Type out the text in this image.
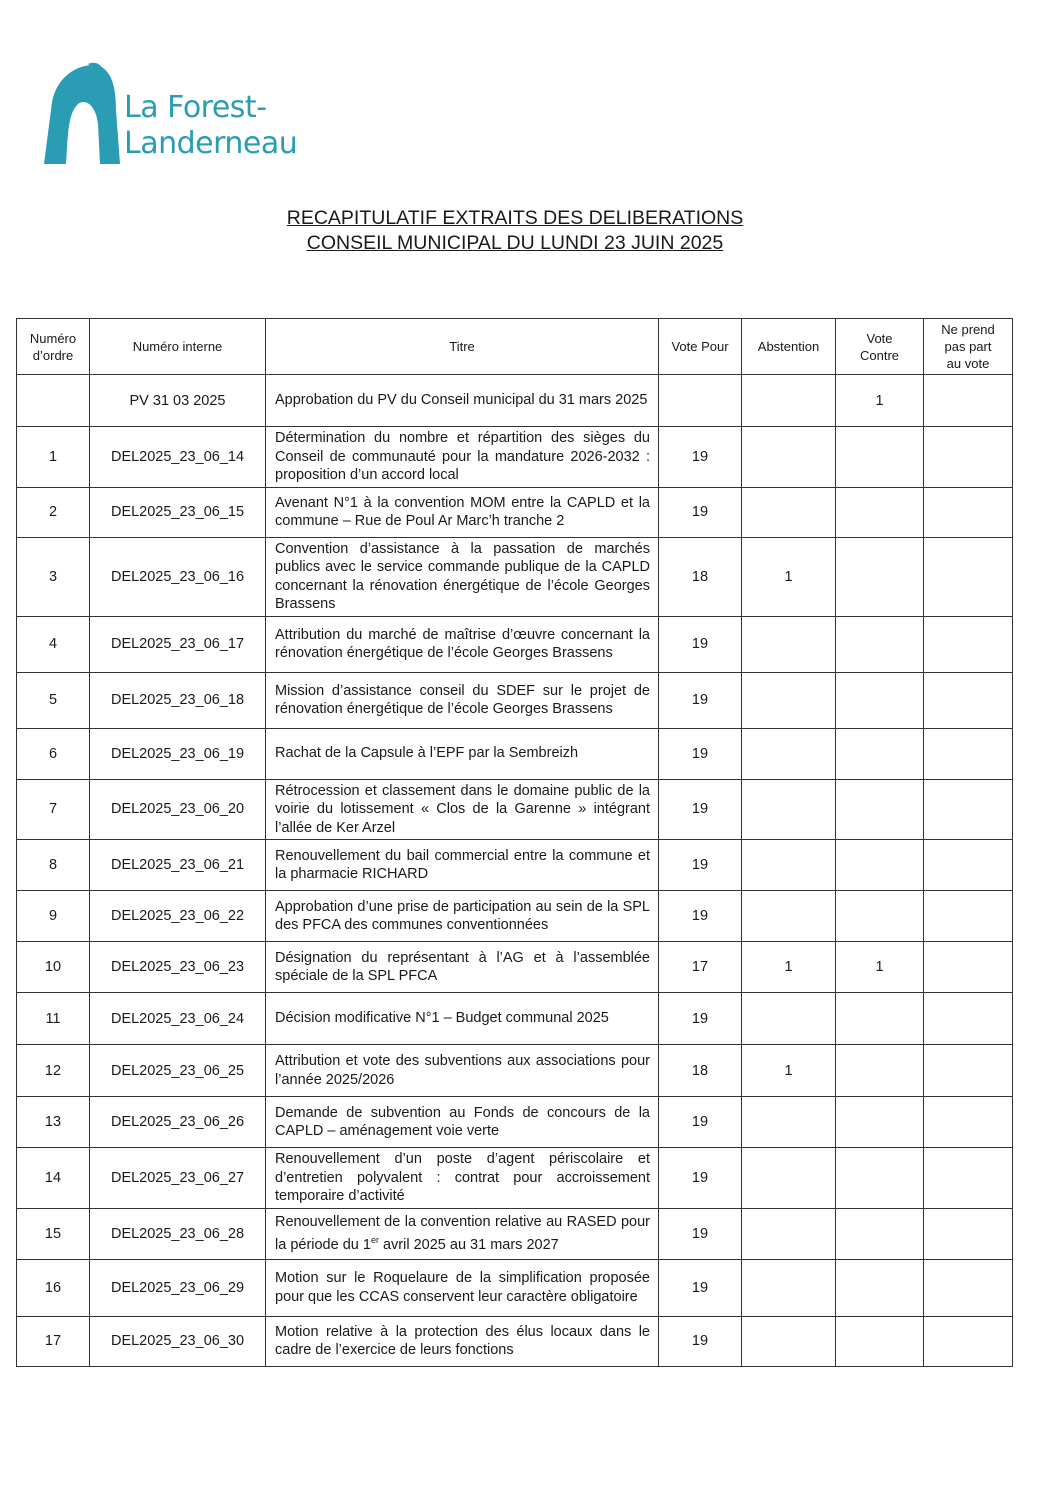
La Forest-
Landerneau
RECAPITULATIF EXTRAITS DES DELIBERATIONS
CONSEIL MUNICIPAL DU LUNDI 23 JUIN 2025
Numéro d’ordre	Numéro interne	Titre	Vote Pour	Abstention	Vote Contre	Ne prend pas part au vote
	PV 31 03 2025	Approbation du PV du Conseil municipal du 31 mars 2025			1	
1	DEL2025_23_06_14	Détermination du nombre et répartition des sièges du Conseil de communauté pour la mandature 2026-2032 : proposition d’un accord local	19			
2	DEL2025_23_06_15	Avenant N°1 à la convention MOM entre la CAPLD et la commune – Rue de Poul Ar Marc’h tranche 2	19			
3	DEL2025_23_06_16	Convention d’assistance à la passation de marchés publics avec le service commande publique de la CAPLD concernant la rénovation énergétique de l’école Georges Brassens	18	1		
4	DEL2025_23_06_17	Attribution du marché de maîtrise d’œuvre concernant la rénovation énergétique de l’école Georges Brassens	19			
5	DEL2025_23_06_18	Mission d’assistance conseil du SDEF sur le projet de rénovation énergétique de l’école Georges Brassens	19			
6	DEL2025_23_06_19	Rachat de la Capsule à l’EPF par la Sembreizh	19			
7	DEL2025_23_06_20	Rétrocession et classement dans le domaine public de la voirie du lotissement « Clos de la Garenne » intégrant l’allée de Ker Arzel	19			
8	DEL2025_23_06_21	Renouvellement du bail commercial entre la commune et la pharmacie RICHARD	19			
9	DEL2025_23_06_22	Approbation d’une prise de participation au sein de la SPL des PFCA des communes conventionnées	19			
10	DEL2025_23_06_23	Désignation du représentant à l’AG et à l’assemblée spéciale de la SPL PFCA	17	1	1	
11	DEL2025_23_06_24	Décision modificative N°1 – Budget communal 2025	19			
12	DEL2025_23_06_25	Attribution et vote des subventions aux associations pour l’année 2025/2026	18	1		
13	DEL2025_23_06_26	Demande de subvention au Fonds de concours de la CAPLD – aménagement voie verte	19			
14	DEL2025_23_06_27	Renouvellement d’un poste d’agent périscolaire et d’entretien polyvalent : contrat pour accroissement temporaire d’activité	19			
15	DEL2025_23_06_28	Renouvellement de la convention relative au RASED pour la période du 1er avril 2025 au 31 mars 2027	19			
16	DEL2025_23_06_29	Motion sur le Roquelaure de la simplification proposée pour que les CCAS conservent leur caractère obligatoire	19			
17	DEL2025_23_06_30	Motion relative à la protection des élus locaux dans le cadre de l’exercice de leurs fonctions	19			
